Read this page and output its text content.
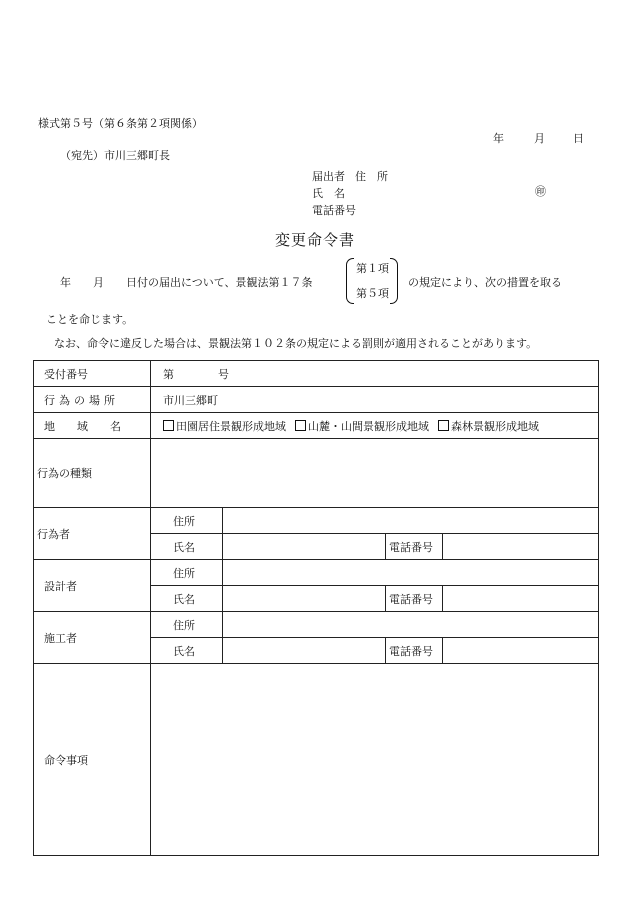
様式第５号（第６条第２項関係）
年	月	日
（宛先）市川三郷町長
届出者 住　所
氏　名
電話番号
㊞
変更命令書
年　　月　　日付の届出について、景観法第１７条
第１項
第５項
の規定により、次の措置を取る
ことを命じます。
なお、命令に違反した場合は、景観法第１０２条の規定による罰則が適用されることがあります。
受付番号	第　　　　号			
行為の場所	市川三郷町			
地　　域　　名	田園居住景観形成地域 山麓・山間景観形成地域 森林景観形成地域			
行為の種類				
行為者	住所			
	氏名		電話番号	
設計者	住所			
	氏名		電話番号	
施工者	住所			
	氏名		電話番号	
命令事項				
